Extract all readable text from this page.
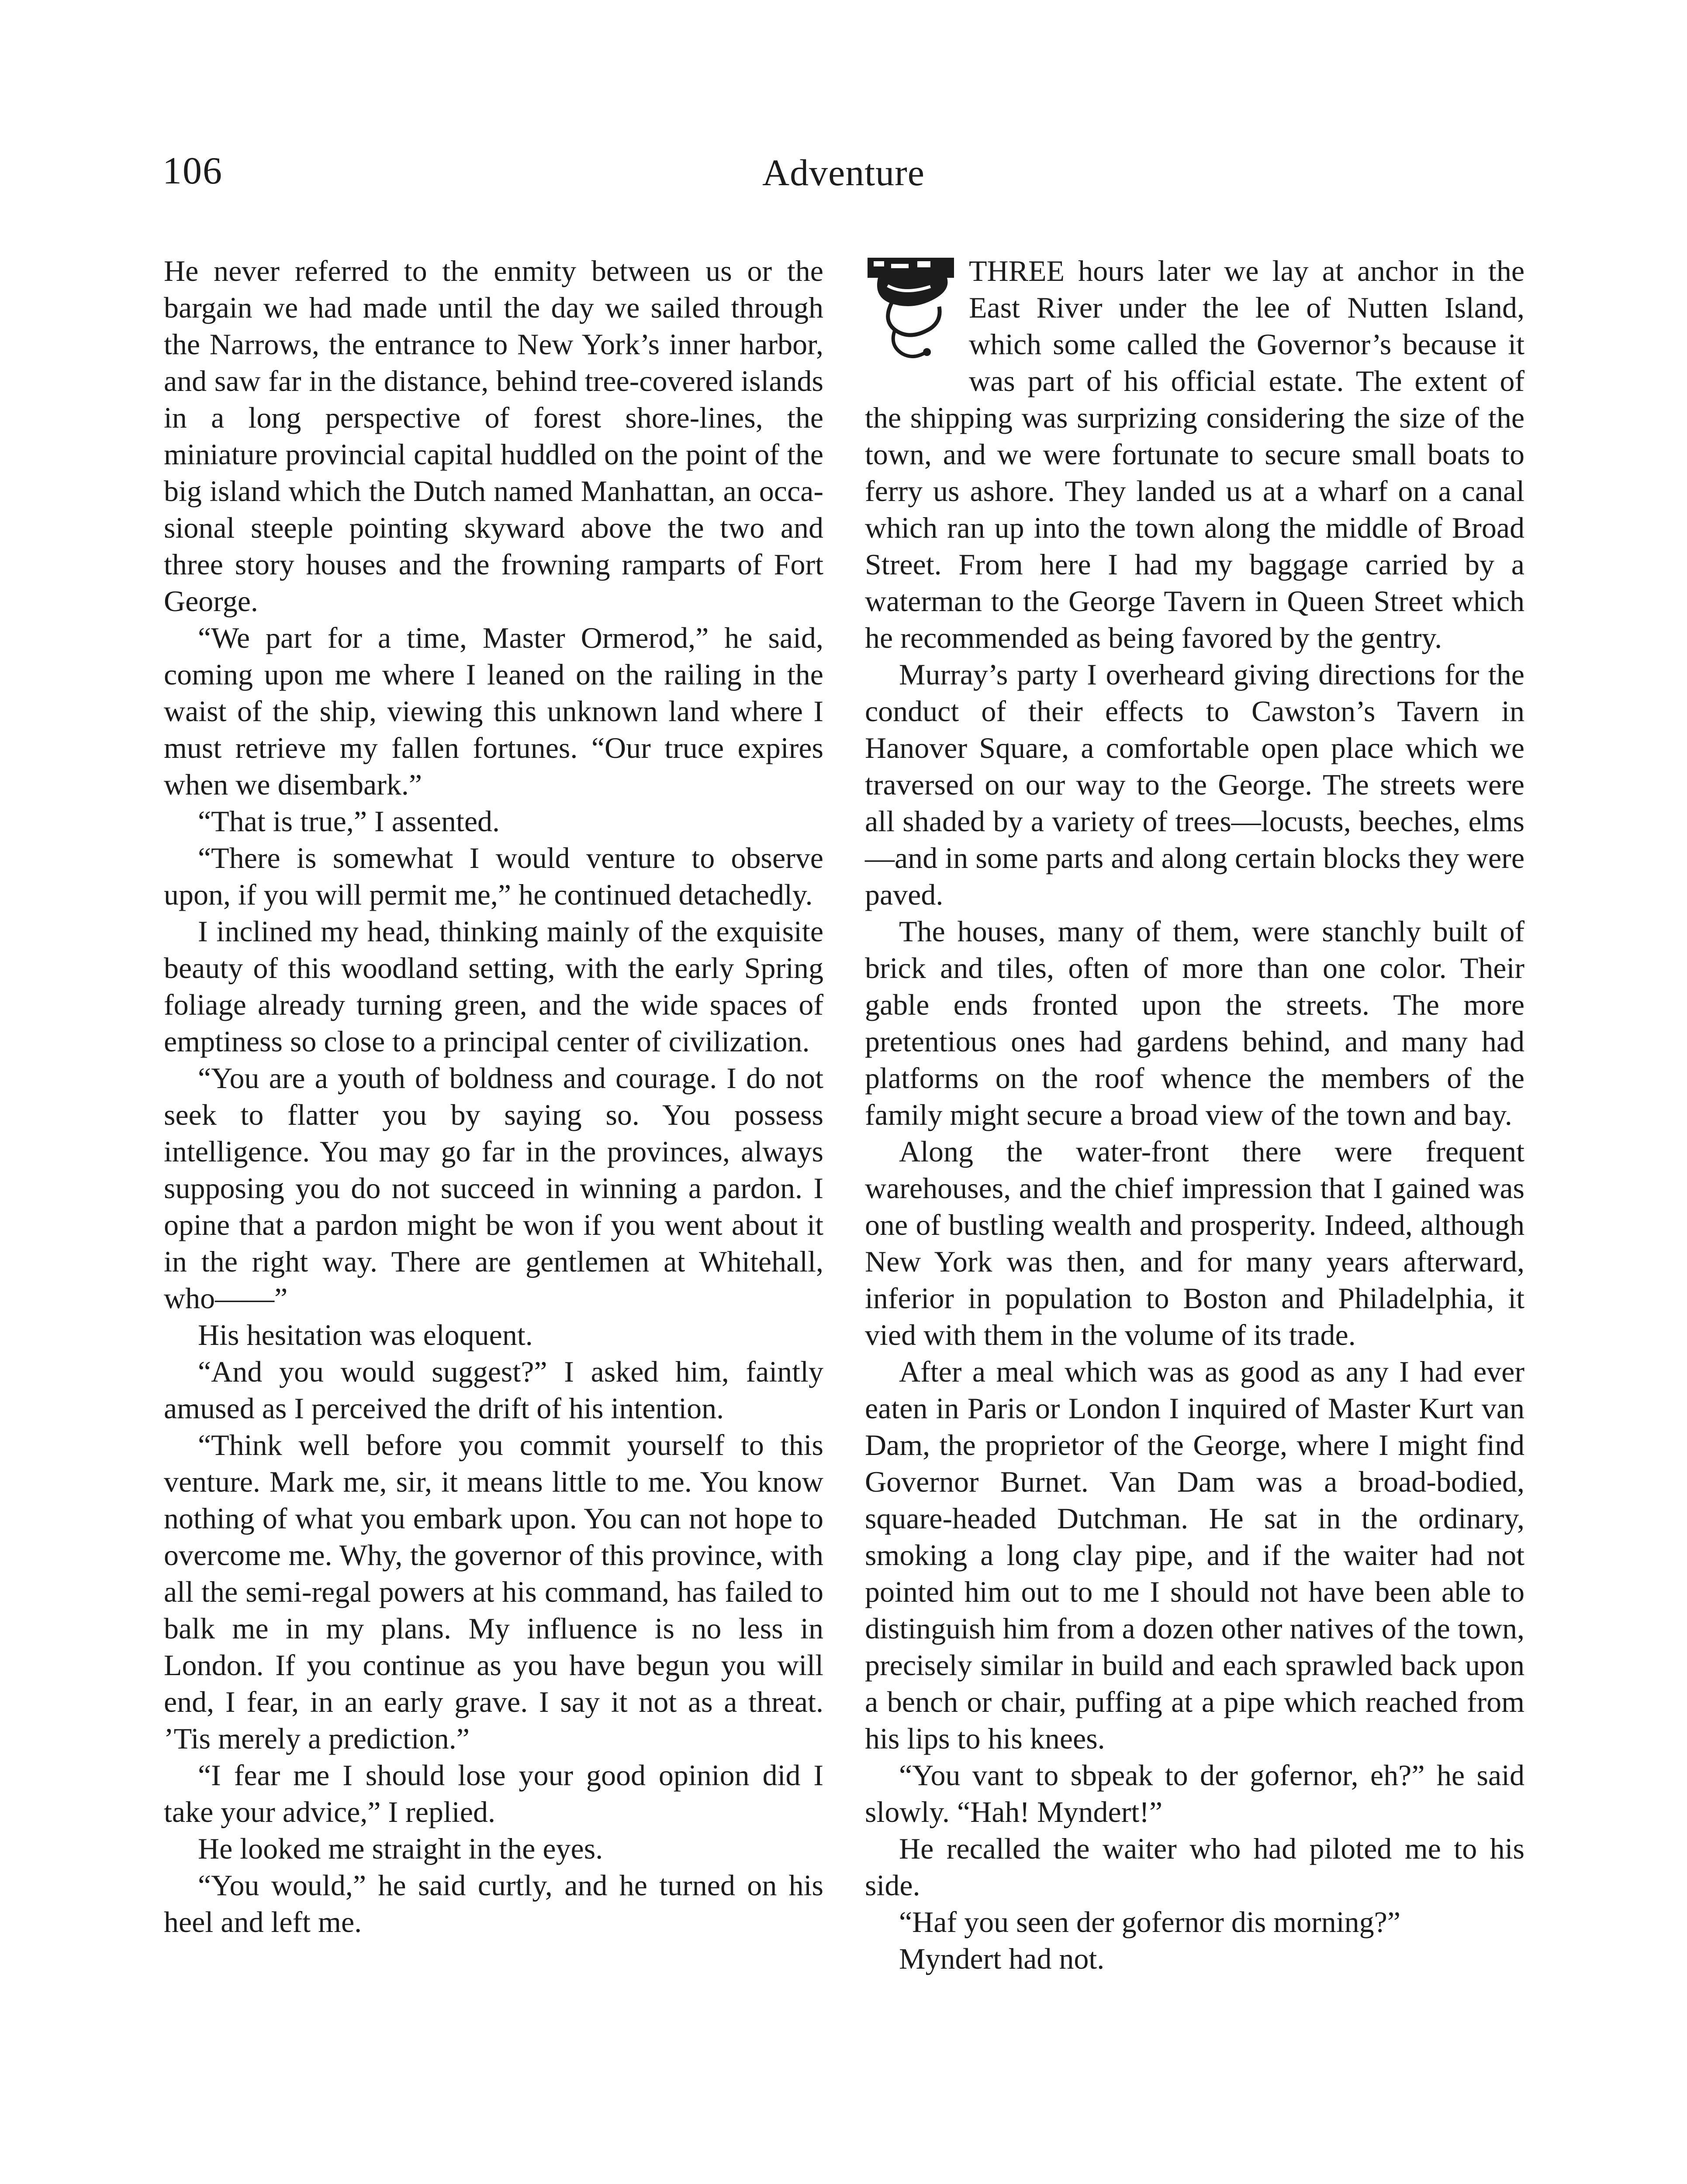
106	Adventure

He never referred to the enmity between us or the bargain we had made until the day we sailed through the Narrows, the entrance to New York’s inner harbor, and saw far in the distance, behind tree-covered islands in a long perspective of forest shore-lines, the miniature provincial capital huddled on the point of the big island which the Dutch named Manhattan, an occasional steeple pointing skyward above the two and three story houses and the frowning ramparts of Fort George.

“We part for a time, Master Ormerod,” he said, coming upon me where I leaned on the railing in the waist of the ship, viewing this unknown land where I must retrieve my fallen fortunes. “Our truce expires when we disembark.”

“That is true,” I assented.

“There is somewhat I would venture to observe upon, if you will permit me,” he continued detachedly.

I inclined my head, thinking mainly of the exquisite beauty of this woodland setting, with the early Spring foliage already turning green, and the wide spaces of emptiness so close to a principal center of civilization.

“You are a youth of boldness and courage. I do not seek to flatter you by saying so. You possess intelligence. You may go far in the provinces, always supposing you do not succeed in winning a pardon. I opine that a pardon might be won if you went about it in the right way. There are gentlemen at Whitehall, who——”

His hesitation was eloquent.

“And you would suggest?” I asked him, faintly amused as I perceived the drift of his intention.

“Think well before you commit yourself to this venture. Mark me, sir, it means little to me. You know nothing of what you embark upon. You can not hope to overcome me. Why, the governor of this province, with all the semi-regal powers at his command, has failed to balk me in my plans. My influence is no less in London. If you continue as you have begun you will end, I fear, in an early grave. I say it not as a threat. ’Tis merely a prediction.”

“I fear me I should lose your good opinion did I take your advice,” I replied.

He looked me straight in the eyes.

“You would,” he said curtly, and he turned on his heel and left me.

THREE hours later we lay at anchor in the East River under the lee of Nutten Island, which some called the Governor’s because it was part of his official estate. The extent of the shipping was surprizing considering the size of the town, and we were fortunate to secure small boats to ferry us ashore. They landed us at a wharf on a canal which ran up into the town along the middle of Broad Street. From here I had my baggage carried by a waterman to the George Tavern in Queen Street which he recommended as being favored by the gentry.

Murray’s party I overheard giving directions for the conduct of their effects to Cawston’s Tavern in Hanover Square, a comfortable open place which we traversed on our way to the George. The streets were all shaded by a variety of trees—locusts, beeches, elms—and in some parts and along certain blocks they were paved.

The houses, many of them, were stanchly built of brick and tiles, often of more than one color. Their gable ends fronted upon the streets. The more pretentious ones had gardens behind, and many had platforms on the roof whence the members of the family might secure a broad view of the town and bay.

Along the water-front there were frequent warehouses, and the chief impression that I gained was one of bustling wealth and prosperity. Indeed, although New York was then, and for many years afterward, inferior in population to Boston and Philadelphia, it vied with them in the volume of its trade.

After a meal which was as good as any I had ever eaten in Paris or London I inquired of Master Kurt van Dam, the proprietor of the George, where I might find Governor Burnet. Van Dam was a broad-bodied, square-headed Dutchman. He sat in the ordinary, smoking a long clay pipe, and if the waiter had not pointed him out to me I should not have been able to distinguish him from a dozen other natives of the town, precisely similar in build and each sprawled back upon a bench or chair, puffing at a pipe which reached from his lips to his knees.

“You vant to sbpeak to der gofernor, eh?” he said slowly. “Hah! Myndert!”

He recalled the waiter who had piloted me to his side.

“Haf you seen der gofernor dis morning?”

Myndert had not.
